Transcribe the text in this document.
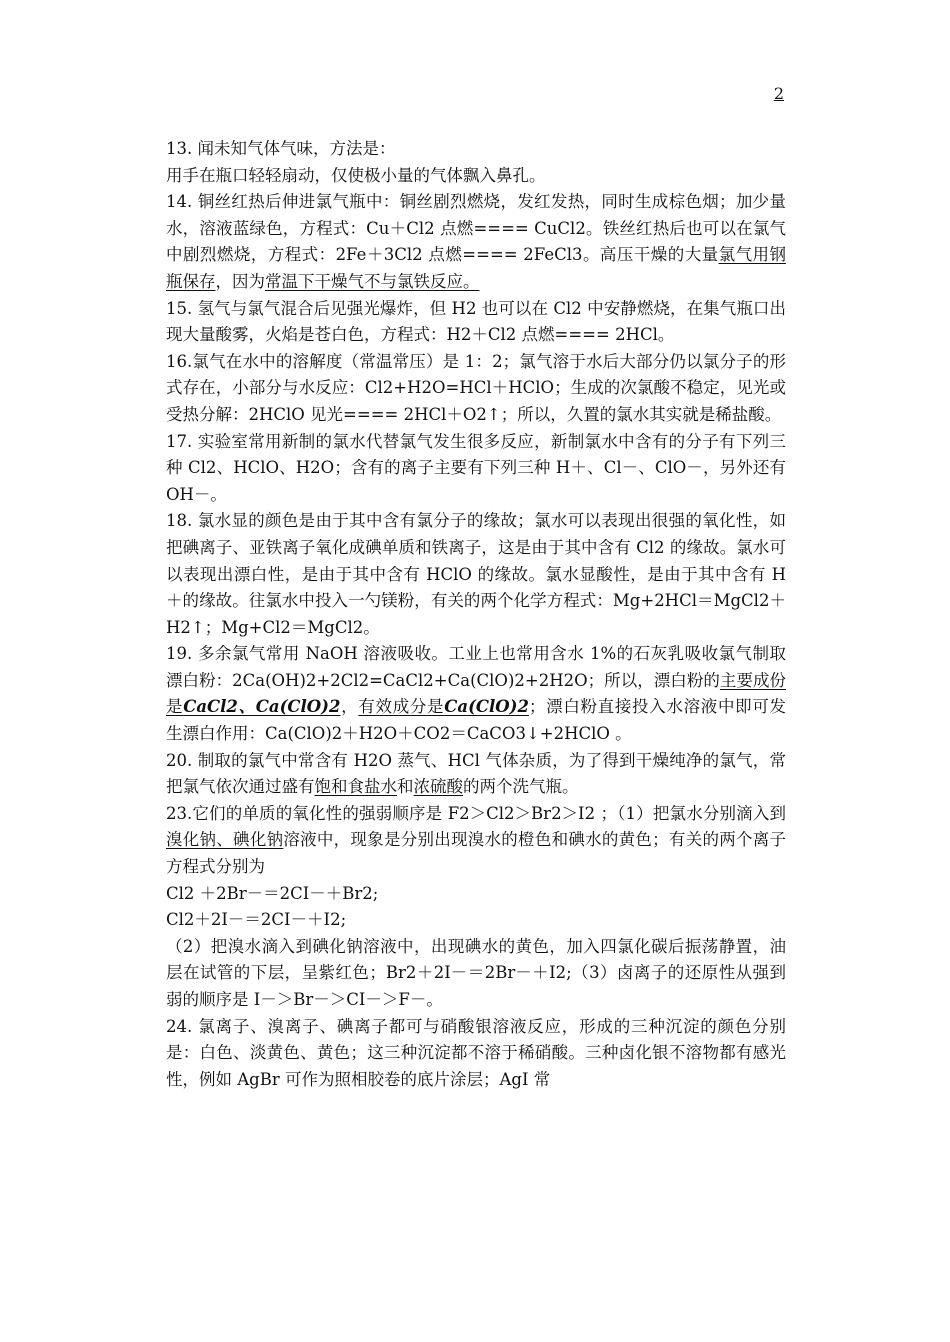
2

13. 闻未知气体气味，方法是：

用手在瓶口轻轻扇动，仅使极小量的气体飘入鼻孔。

14. 铜丝红热后伸进氯气瓶中：铜丝剧烈燃烧，发红发热，同时生成棕色烟；加少量水，溶液蓝绿色，方程式：Cu＋Cl2 点燃==== CuCl2。铁丝红热后也可以在氯气中剧烈燃烧，方程式：2Fe＋3Cl2 点燃==== 2FeCl3。高压干燥的大量氯气用钢瓶保存，因为常温下干燥气不与氯铁反应。

15. 氢气与氯气混合后见强光爆炸，但 H2 也可以在 Cl2 中安静燃烧，在集气瓶口出现大量酸雾，火焰是苍白色，方程式：H2＋Cl2 点燃==== 2HCl。

16.氯气在水中的溶解度（常温常压）是 1：2；氯气溶于水后大部分仍以氯分子的形式存在，小部分与水反应：Cl2+H2O=HCl＋HClO；生成的次氯酸不稳定，见光或受热分解：2HClO 见光==== 2HCl＋O2↑；所以，久置的氯水其实就是稀盐酸。

17. 实验室常用新制的氯水代替氯气发生很多反应，新制氯水中含有的分子有下列三种 Cl2、HClO、H2O；含有的离子主要有下列三种 H＋、Cl－、ClO－，另外还有 OH－。

18. 氯水显的颜色是由于其中含有氯分子的缘故；氯水可以表现出很强的氧化性，如把碘离子、亚铁离子氧化成碘单质和铁离子，这是由于其中含有 Cl2 的缘故。氯水可以表现出漂白性，是由于其中含有 HClO 的缘故。氯水显酸性，是由于其中含有 H＋的缘故。往氯水中投入一勺镁粉，有关的两个化学方程式：Mg+2HCl＝MgCl2＋H2↑；Mg+Cl2＝MgCl2。

19. 多余氯气常用 NaOH 溶液吸收。工业上也常用含水 1%的石灰乳吸收氯气制取漂白粉：2Ca(OH)2+2Cl2=CaCl2+Ca(ClO)2+2H2O；所以，漂白粉的主要成份是CaCl2、Ca(ClO)2，有效成分是Ca(ClO)2；漂白粉直接投入水溶液中即可发生漂白作用：Ca(ClO)2＋H2O＋CO2＝CaCO3↓+2HClO 。

20. 制取的氯气中常含有 H2O 蒸气、HCl 气体杂质，为了得到干燥纯净的氯气，常把氯气依次通过盛有饱和食盐水和浓硫酸的两个洗气瓶。

23.它们的单质的氧化性的强弱顺序是 F2＞Cl2＞Br2＞I2 ；（1）把氯水分别滴入到溴化钠、碘化钠溶液中，现象是分别出现溴水的橙色和碘水的黄色；有关的两个离子方程式分别为

Cl2 ＋2Br－＝2CI－＋Br2;

Cl2＋2I－＝2CI－＋I2;

（2）把溴水滴入到碘化钠溶液中，出现碘水的黄色，加入四氯化碳后振荡静置，油层在试管的下层，呈紫红色；Br2＋2I－＝2Br－＋I2;（3）卤离子的还原性从强到弱的顺序是 I－＞Br－＞CI－＞F－。

24. 氯离子、溴离子、碘离子都可与硝酸银溶液反应，形成的三种沉淀的颜色分别是：白色、淡黄色、黄色；这三种沉淀都不溶于稀硝酸。三种卤化银不溶物都有感光性，例如 AgBr 可作为照相胶卷的底片涂层；AgI 常
